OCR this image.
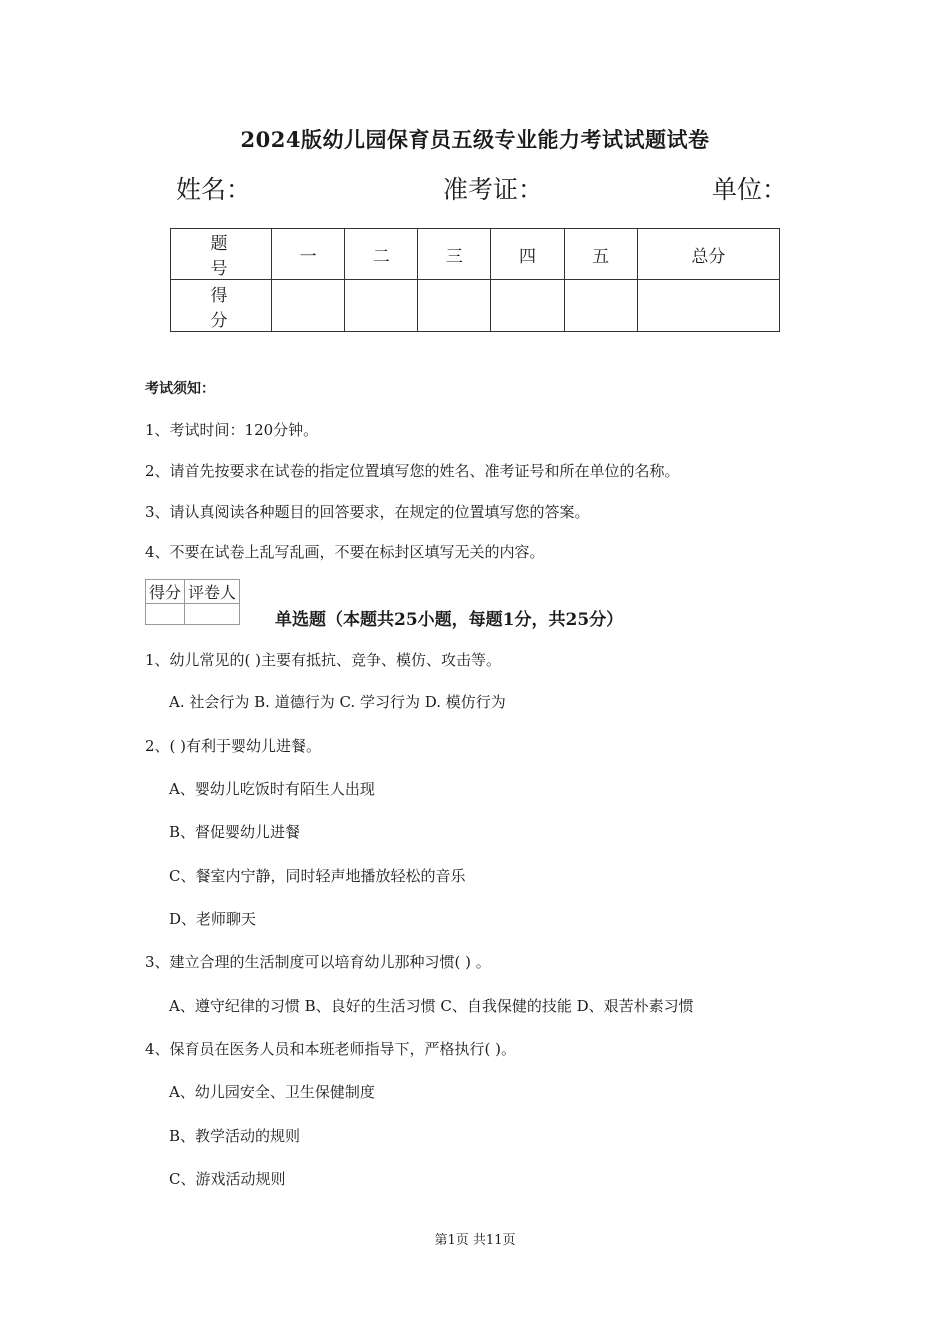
2024版幼儿园保育员五级专业能力考试试题试卷
姓名：	准考证：	单位：
题 号	一	二	三	四	五	总分
得 分						
考试须知：
1、考试时间：120分钟。
2、请首先按要求在试卷的指定位置填写您的姓名、准考证号和所在单位的名称。
3、请认真阅读各种题目的回答要求，在规定的位置填写您的答案。
4、不要在试卷上乱写乱画，不要在标封区填写无关的内容。
得分	评卷人

单选题（本题共25小题，每题1分，共25分）
1、幼儿常见的( )主要有抵抗、竞争、模仿、攻击等。
A. 社会行为 B. 道德行为 C. 学习行为 D. 模仿行为
2、( )有利于婴幼儿进餐。
A、婴幼儿吃饭时有陌生人出现
B、督促婴幼儿进餐
C、餐室内宁静，同时轻声地播放轻松的音乐
D、老师聊天
3、建立合理的生活制度可以培育幼儿那种习惯( ) 。
A、遵守纪律的习惯 B、良好的生活习惯 C、自我保健的技能 D、艰苦朴素习惯
4、保育员在医务人员和本班老师指导下，严格执行( )。
A、幼儿园安全、卫生保健制度
B、教学活动的规则
C、游戏活动规则
第1页 共11页
